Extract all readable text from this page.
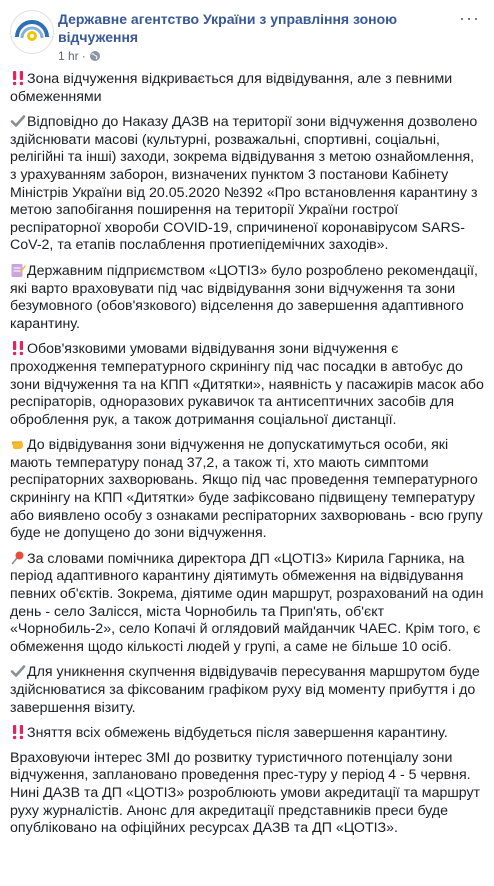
Державне агентство України з управління зоною відчуження
1 hr ·
···

Зона відчуження відкривається для відвідування, але з певними обмеженнями

Відповідно до Наказу ДАЗВ на території зони відчуження дозволено здійснювати масові (культурні, розважальні, спортивні, соціальні, релігійні та інші) заходи, зокрема відвідування з метою ознайомлення, з урахуванням заборон, визначених пунктом 3 постанови Кабінету Міністрів України від 20.05.2020 №392 «Про встановлення карантину з метою запобігання поширення на території України гострої респіраторної хвороби COVID-19, спричиненої коронавірусом SARS-CoV-2, та етапів послаблення протиепідемічних заходів».

Державним підприємством «ЦОТІЗ» було розроблено рекомендації, які варто враховувати під час відвідування зони відчуження та зони безумовного (обов'язкового) відселення до завершення адаптивного карантину.

Обов'язковими умовами відвідування зони відчуження є проходження температурного скринінгу під час посадки в автобус до зони відчуження та на КПП «Дитятки», наявність у пасажирів масок або респіраторів, одноразових рукавичок та антисептичних засобів для оброблення рук, а також дотримання соціальної дистанції.

До відвідування зони відчуження не допускатимуться особи, які мають температуру понад 37,2, а також ті, хто мають симптоми респіраторних захворювань. Якщо під час проведення температурного скринінгу на КПП «Дитятки» буде зафіксовано підвищену температуру або виявлено особу з ознаками респіраторних захворювань - всю групу буде не допущено до зони відчуження.

За словами помічника директора ДП «ЦОТІЗ» Кирила Гарника, на період адаптивного карантину діятимуть обмеження на відвідування певних об'єктів. Зокрема, діятиме один маршрут, розрахований на один день - село Залісся, міста Чорнобиль та Прип'ять, об'єкт «Чорнобиль-2», село Копачі й оглядовий майданчик ЧАЕС. Крім того, є обмеження щодо кількості людей у групі, а саме не більше 10 осіб.

Для уникнення скупчення відвідувачів пересування маршрутом буде здійснюватися за фіксованим графіком руху від моменту прибуття і до завершення візиту.

Зняття всіх обмежень відбудеться після завершення карантину.

Враховуючи інтерес ЗМІ до розвитку туристичного потенціалу зони відчуження, заплановано проведення прес-туру у період 4 - 5 червня. Нині ДАЗВ та ДП «ЦОТІЗ» розроблюють умови акредитації та маршрут руху журналістів. Анонс для акредитації представників преси буде опубліковано на офіційних ресурсах ДАЗВ та ДП «ЦОТІЗ».
